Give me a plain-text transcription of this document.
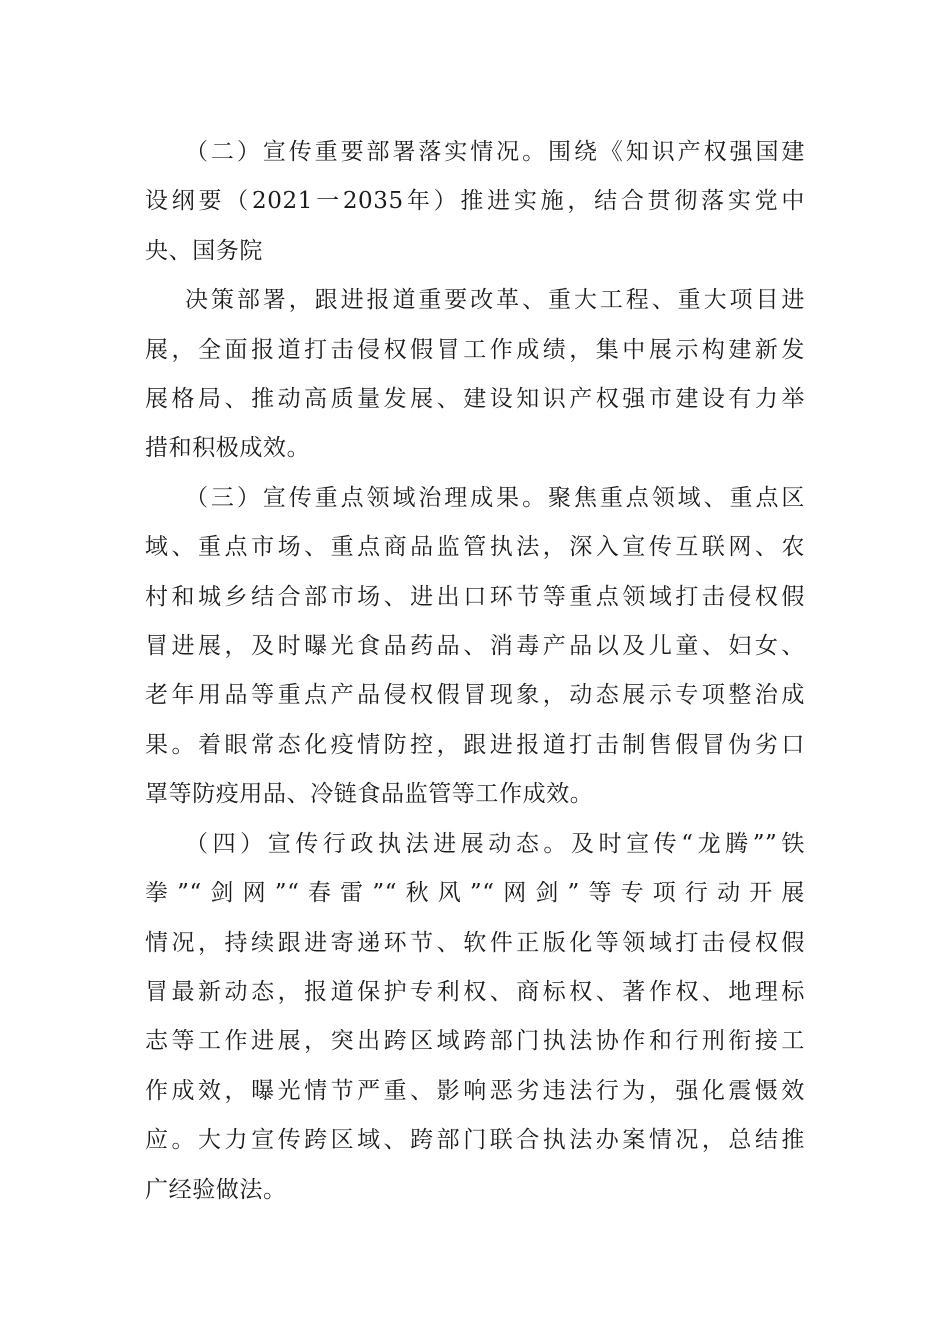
（二）宣传重要部署落实情况。围绕《知识产权强国建
设纲要（2021一2035年）推进实施，结合贯彻落实党中
央、国务院
决策部署，跟进报道重要改革、重大工程、重大项目进
展，全面报道打击侵权假冒工作成绩，集中展示构建新发
展格局、推动高质量发展、建设知识产权强市建设有力举
措和积极成效。
（三）宣传重点领域治理成果。聚焦重点领域、重点区
域、重点市场、重点商品监管执法，深入宣传互联网、农
村和城乡结合部市场、进出口环节等重点领域打击侵权假
冒进展，及时曝光食品药品、消毒产品以及儿童、妇女、
老年用品等重点产品侵权假冒现象，动态展示专项整治成
果。着眼常态化疫情防控，跟进报道打击制售假冒伪劣口
罩等防疫用品、冷链食品监管等工作成效。
（四）宣传行政执法进展动态。及时宣传“龙腾””铁
拳”“剑网”“春雷”“秋风”“网剑”等专项行动开展
情况，持续跟进寄递环节、软件正版化等领域打击侵权假
冒最新动态，报道保护专利权、商标权、著作权、地理标
志等工作进展，突出跨区域跨部门执法协作和行刑衔接工
作成效，曝光情节严重、影响恶劣违法行为，强化震慑效
应。大力宣传跨区域、跨部门联合执法办案情况，总结推
广经验做法。
